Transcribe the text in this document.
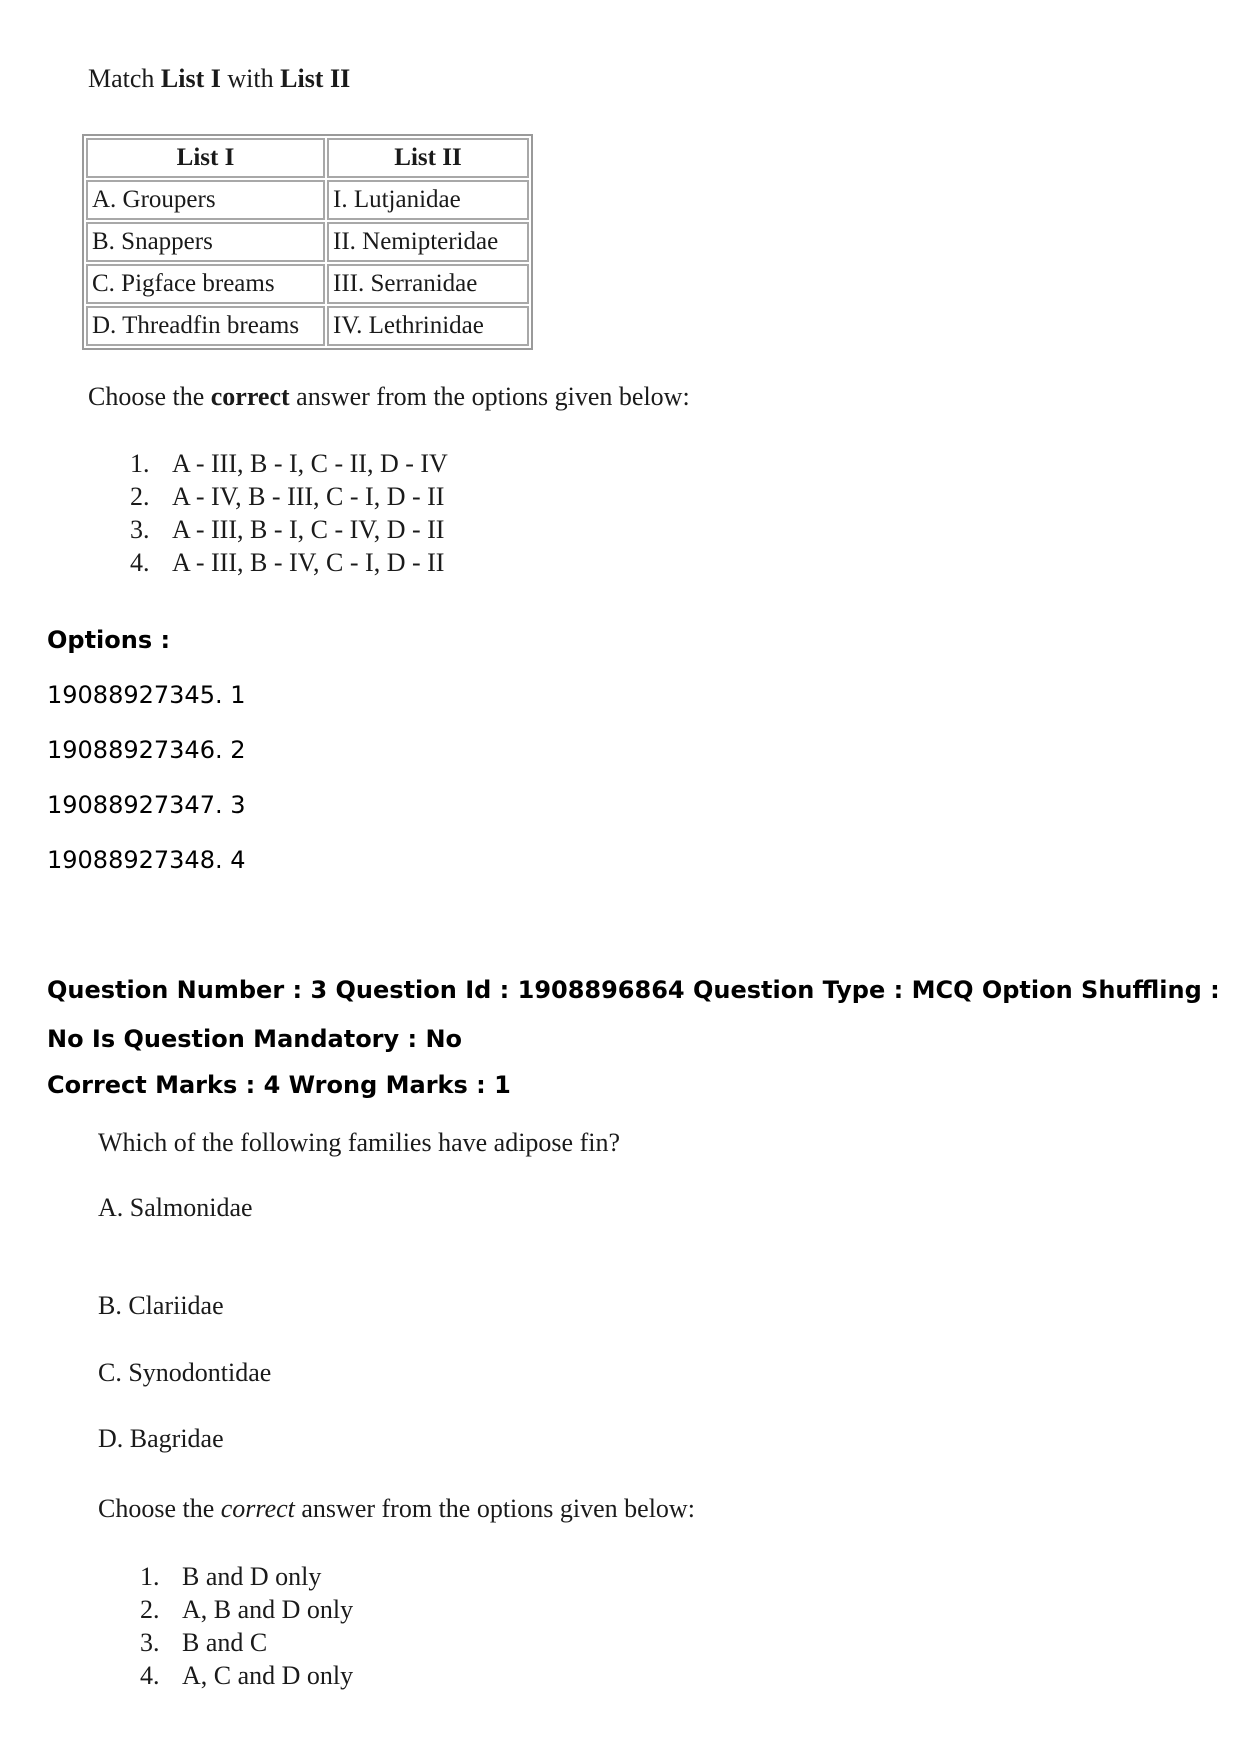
Match List I with List II
List I	List II
A. Groupers	I. Lutjanidae
B. Snappers	II. Nemipteridae
C. Pigface breams	III. Serranidae
D. Threadfin breams	IV. Lethrinidae
Choose the correct answer from the options given below:
1. A - III, B - I, C - II, D - IV
2. A - IV, B - III, C - I, D - II
3. A - III, B - I, C - IV, D - II
4. A - III, B - IV, C - I, D - II
Options :
19088927345. 1
19088927346. 2
19088927347. 3
19088927348. 4
Question Number : 3 Question Id : 1908896864 Question Type : MCQ Option Shuffling : No Is Question Mandatory : No
Correct Marks : 4 Wrong Marks : 1
Which of the following families have adipose fin?
A. Salmonidae
B. Clariidae
C. Synodontidae
D. Bagridae
Choose the correct answer from the options given below:
1. B and D only
2. A, B and D only
3. B and C
4. A, C and D only
